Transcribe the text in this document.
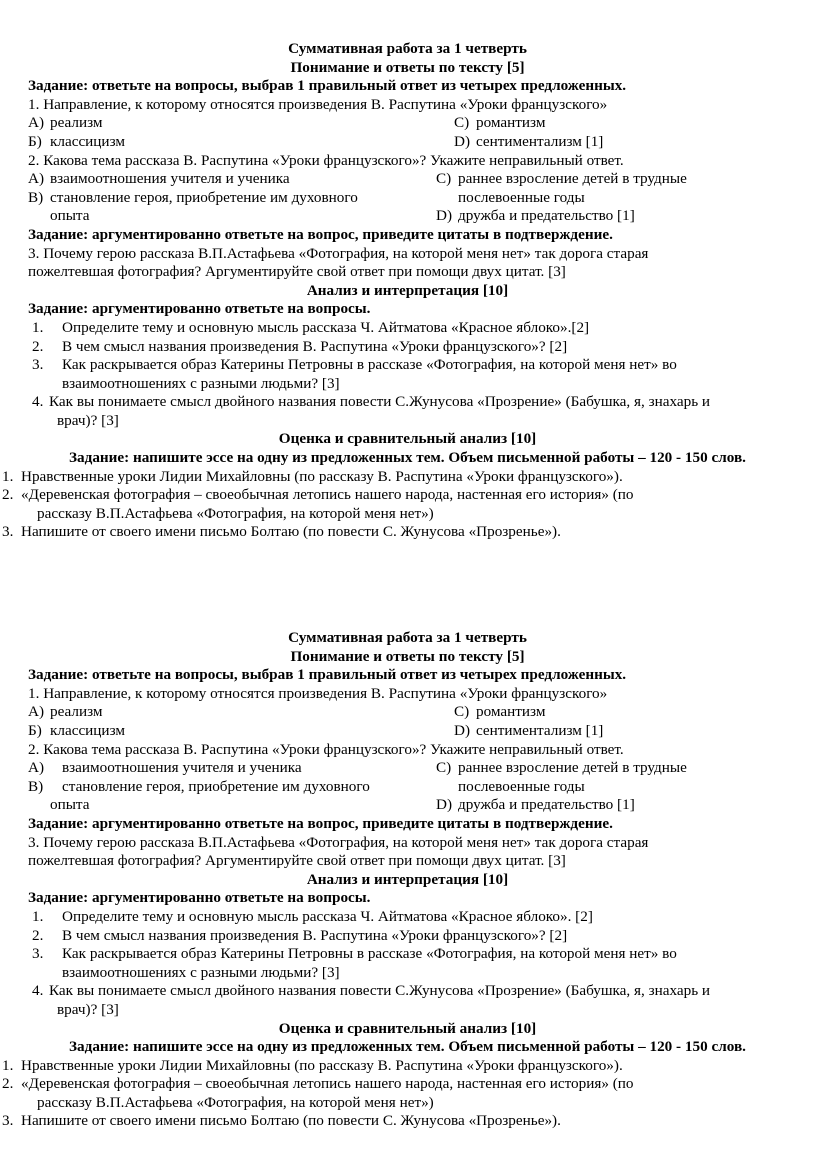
Суммативная работа за 1 четверть
Понимание и ответы по тексту [5]
Задание: ответьте на вопросы, выбрав 1 правильный ответ из четырех предложенных.
1. Направление, к которому относятся произведения В. Распутина «Уроки французского»
А) реализм	C) романтизм
Б) классицизм	D) сентиментализм [1]
2. Какова тема рассказа В. Распутина «Уроки французского»? Укажите неправильный ответ.
А) взаимоотношения учителя и ученика	C) раннее взросление детей в трудные
В) становление героя, приобретение им духовного	послевоенные годы
опыта	D) дружба и предательство [1]
Задание: аргументированно ответьте на вопрос, приведите цитаты в подтверждение.
3. Почему герою рассказа В.П.Астафьева «Фотография, на которой меня нет» так дорога старая
пожелтевшая фотография? Аргументируйте свой ответ при помощи двух цитат. [3]
Анализ и интерпретация [10]
Задание: аргументированно ответьте на вопросы.
1.	Определите тему и основную мысль рассказа Ч. Айтматова «Красное яблоко».[2]
2.	В чем смысл названия произведения В. Распутина «Уроки французского»? [2]
3.	Как раскрывается образ Катерины Петровны в рассказе «Фотография, на которой меня нет» во
взаимоотношениях с разными людьми? [3]
4. Как вы понимаете смысл двойного названия повести С.Жунусова «Прозрение» (Бабушка, я, знахарь и
врач)? [3]
Оценка и сравнительный анализ [10]
Задание: напишите эссе на одну из предложенных тем. Объем письменной работы – 120 - 150 слов.
1. Нравственные уроки Лидии Михайловны (по рассказу В. Распутина «Уроки французского»).
2. «Деревенская фотография – своеобычная летопись нашего народа, настенная его история» (по
рассказу В.П.Астафьева «Фотография, на которой меня нет»)
3. Напишите от своего имени письмо Болтаю (по повести С. Жунусова «Прозренье»).
Суммативная работа за 1 четверть
Понимание и ответы по тексту [5]
Задание: ответьте на вопросы, выбрав 1 правильный ответ из четырех предложенных.
1. Направление, к которому относятся произведения В. Распутина «Уроки французского»
А) реализм	C) романтизм
Б) классицизм	D) сентиментализм [1]
2. Какова тема рассказа В. Распутина «Уроки французского»? Укажите неправильный ответ.
А)	взаимоотношения учителя и ученика	C) раннее взросление детей в трудные
В)	становление героя, приобретение им духовного	послевоенные годы
опыта	D) дружба и предательство [1]
Задание: аргументированно ответьте на вопрос, приведите цитаты в подтверждение.
3. Почему герою рассказа В.П.Астафьева «Фотография, на которой меня нет» так дорога старая
пожелтевшая фотография? Аргументируйте свой ответ при помощи двух цитат. [3]
Анализ и интерпретация [10]
Задание: аргументированно ответьте на вопросы.
1.	Определите тему и основную мысль рассказа Ч. Айтматова «Красное яблоко». [2]
2.	В чем смысл названия произведения В. Распутина «Уроки французского»? [2]
3.	Как раскрывается образ Катерины Петровны в рассказе «Фотография, на которой меня нет» во
взаимоотношениях с разными людьми? [3]
4. Как вы понимаете смысл двойного названия повести С.Жунусова «Прозрение» (Бабушка, я, знахарь и
врач)? [3]
Оценка и сравнительный анализ [10]
Задание: напишите эссе на одну из предложенных тем. Объем письменной работы – 120 - 150 слов.
1. Нравственные уроки Лидии Михайловны (по рассказу В. Распутина «Уроки французского»).
2. «Деревенская фотография – своеобычная летопись нашего народа, настенная его история» (по
рассказу В.П.Астафьева «Фотография, на которой меня нет»)
3. Напишите от своего имени письмо Болтаю (по повести С. Жунусова «Прозренье»).
